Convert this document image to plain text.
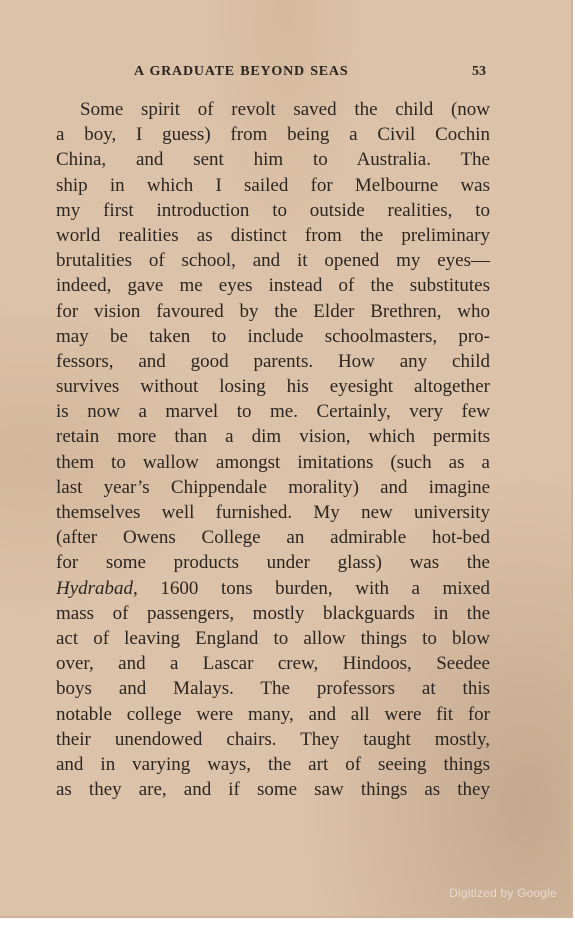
A GRADUATE BEYOND SEAS	53
Some spirit of revolt saved the child (now
a boy, I guess) from being a Civil Cochin
China, and sent him to Australia. The
ship in which I sailed for Melbourne was
my first introduction to outside realities, to
world realities as distinct from the preliminary
brutalities of school, and it opened my eyes—
indeed, gave me eyes instead of the substitutes
for vision favoured by the Elder Brethren, who
may be taken to include schoolmasters, pro-
fessors, and good parents. How any child
survives without losing his eyesight altogether
is now a marvel to me. Certainly, very few
retain more than a dim vision, which permits
them to wallow amongst imitations (such as a
last year’s Chippendale morality) and imagine
themselves well furnished. My new university
(after Owens College an admirable hot-bed
for some products under glass) was the
Hydrabad, 1600 tons burden, with a mixed
mass of passengers, mostly blackguards in the
act of leaving England to allow things to blow
over, and a Lascar crew, Hindoos, Seedee
boys and Malays. The professors at this
notable college were many, and all were fit for
their unendowed chairs. They taught mostly,
and in varying ways, the art of seeing things
as they are, and if some saw things as they
Digitized by Google
